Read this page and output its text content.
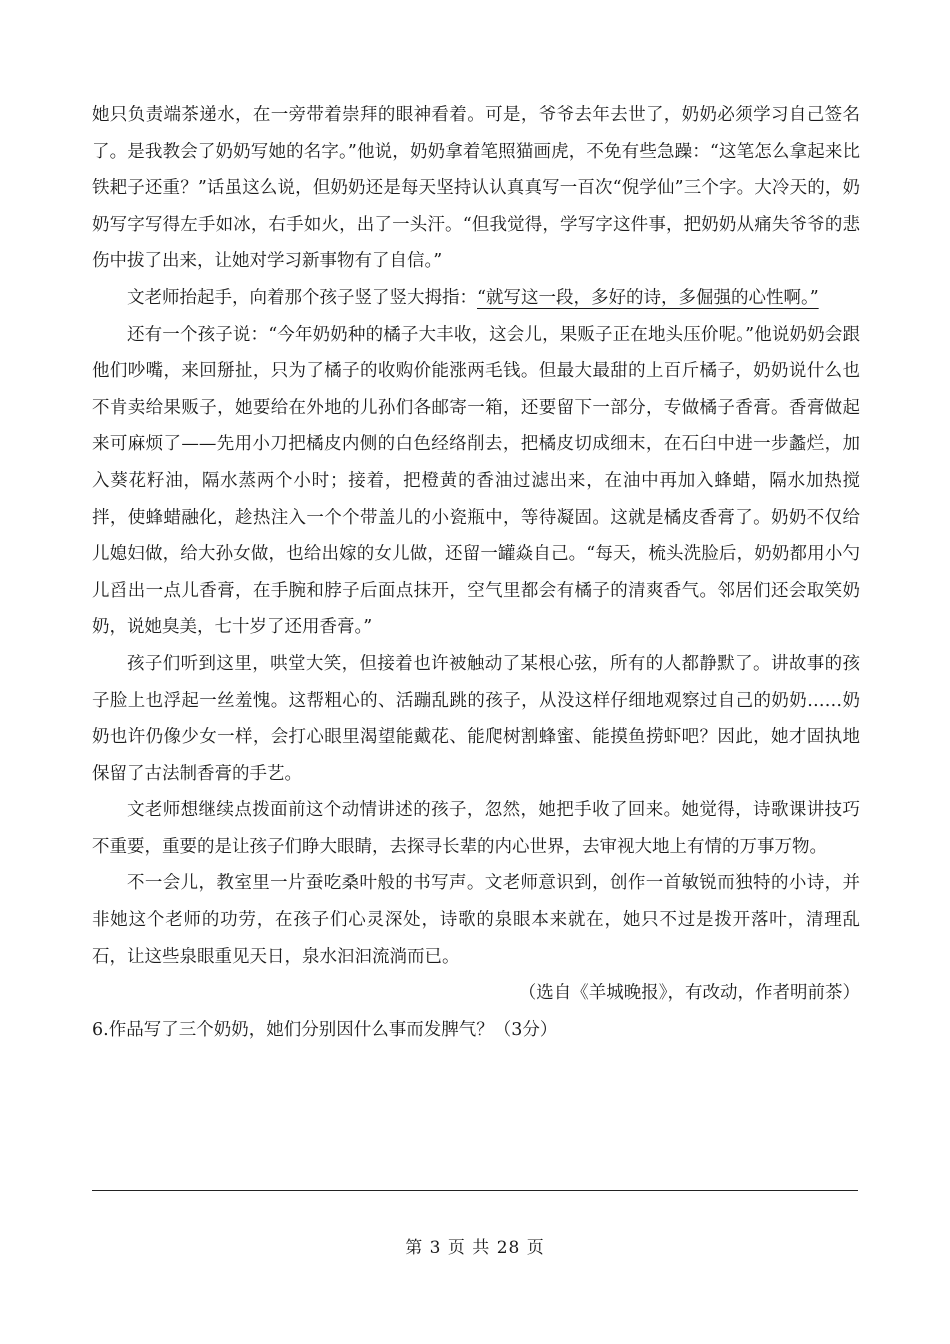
她只负责端茶递水，在一旁带着崇拜的眼神看着。可是，爷爷去年去世了，奶奶必须学习自己签名了。是我教会了奶奶写她的名字。”他说，奶奶拿着笔照猫画虎，不免有些急躁：“这笔怎么拿起来比铁耙子还重？”话虽这么说，但奶奶还是每天坚持认认真真写一百次“倪学仙”三个字。大冷天的，奶奶写字写得左手如冰，右手如火，出了一头汗。“但我觉得，学写字这件事，把奶奶从痛失爷爷的悲伤中拔了出来，让她对学习新事物有了自信。”

文老师抬起手，向着那个孩子竖了竖大拇指：“就写这一段，多好的诗，多倔强的心性啊。”

还有一个孩子说：“今年奶奶种的橘子大丰收，这会儿，果贩子正在地头压价呢。”他说奶奶会跟他们吵嘴，来回掰扯，只为了橘子的收购价能涨两毛钱。但最大最甜的上百斤橘子，奶奶说什么也不肯卖给果贩子，她要给在外地的儿孙们各邮寄一箱，还要留下一部分，专做橘子香膏。香膏做起来可麻烦了——先用小刀把橘皮内侧的白色经络削去，把橘皮切成细末，在石臼中进一步蠡烂，加入葵花籽油，隔水蒸两个小时；接着，把橙黄的香油过滤出来，在油中再加入蜂蜡，隔水加热搅拌，使蜂蜡融化，趁热注入一个个带盖儿的小瓷瓶中，等待凝固。这就是橘皮香膏了。奶奶不仅给儿媳妇做，给大孙女做，也给出嫁的女儿做，还留一罐焱自己。“每天，梳头洗脸后，奶奶都用小勺儿舀出一点儿香膏，在手腕和脖子后面点抹开，空气里都会有橘子的清爽香气。邻居们还会取笑奶奶，说她臭美，七十岁了还用香膏。”

孩子们听到这里，哄堂大笑，但接着也许被触动了某根心弦，所有的人都静默了。讲故事的孩子脸上也浮起一丝羞愧。这帮粗心的、活蹦乱跳的孩子，从没这样仔细地观察过自己的奶奶……奶奶也许仍像少女一样，会打心眼里渴望能戴花、能爬树割蜂蜜、能摸鱼捞虾吧？因此，她才固执地保留了古法制香膏的手艺。

文老师想继续点拨面前这个动情讲述的孩子，忽然，她把手收了回来。她觉得，诗歌课讲技巧不重要，重要的是让孩子们睁大眼睛，去探寻长辈的内心世界，去审视大地上有情的万事万物。

不一会儿，教室里一片蚕吃桑叶般的书写声。文老师意识到，创作一首敏锐而独特的小诗，并非她这个老师的功劳，在孩子们心灵深处，诗歌的泉眼本来就在，她只不过是拨开落叶，清理乱石，让这些泉眼重见天日，泉水汩汩流淌而已。

（选自《羊城晚报》，有改动，作者明前茶）

6.作品写了三个奶奶，她们分别因什么事而发脾气？（3分）

第 3 页 共 28 页
